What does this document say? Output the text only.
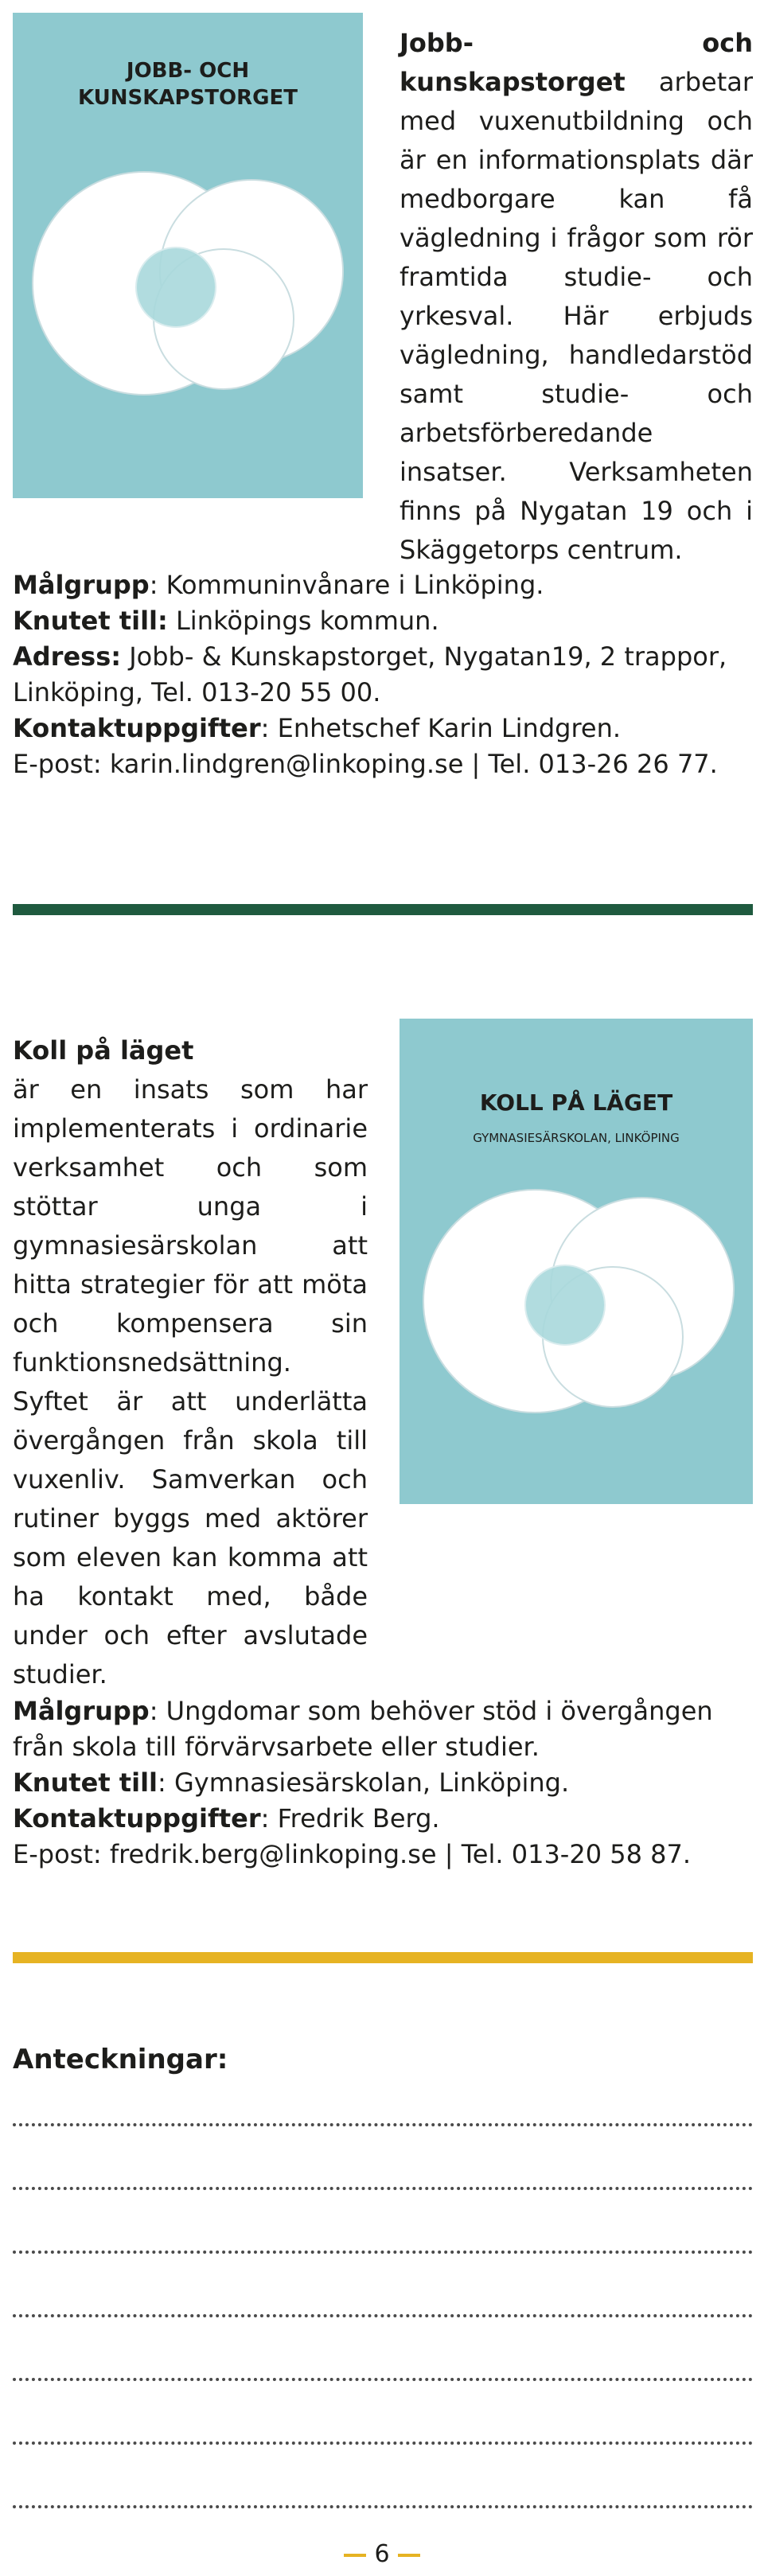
JOBB- OCH
KUNSKAPSTORGET

Jobb- och kunskapstorget arbetar med vuxenutbildning och är en informationsplats där medborgare kan få vägledning i frågor som rör framtida studie- och yrkesval. Här erbjuds vägledning, handledarstöd samt studie- och arbetsförberedande insatser. Verksamheten finns på Nygatan 19 och i Skäggetorps centrum.

Målgrupp: Kommuninvånare i Linköping.
Knutet till: Linköpings kommun.
Adress: Jobb- & Kunskapstorget, Nygatan19, 2 trappor,
Linköping, Tel. 013-20 55 00.
Kontaktuppgifter: Enhetschef Karin Lindgren.
E-post: karin.lindgren@linkoping.se | Tel. 013-26 26 77.

Koll på läget

är en insats som har implementerats i ordinarie verksamhet och som stöttar unga i gymnasiesärskolan att hitta strategier för att möta och kompensera sin funktionsnedsättning. Syftet är att underlätta övergången från skola till vuxenliv. Samverkan och rutiner byggs med aktörer som eleven kan komma att ha kontakt med, både under och efter avslutade studier.

KOLL PÅ LÄGET
GYMNASIESÄRSKOLAN, LINKÖPING
Målgrupp: Ungdomar som behöver stöd i övergången
från skola till förvärvsarbete eller studier.
Knutet till: Gymnasiesärskolan, Linköping.
Kontaktuppgifter: Fredrik Berg.
E-post: fredrik.berg@linkoping.se | Tel. 013-20 58 87.
Anteckningar:
6
